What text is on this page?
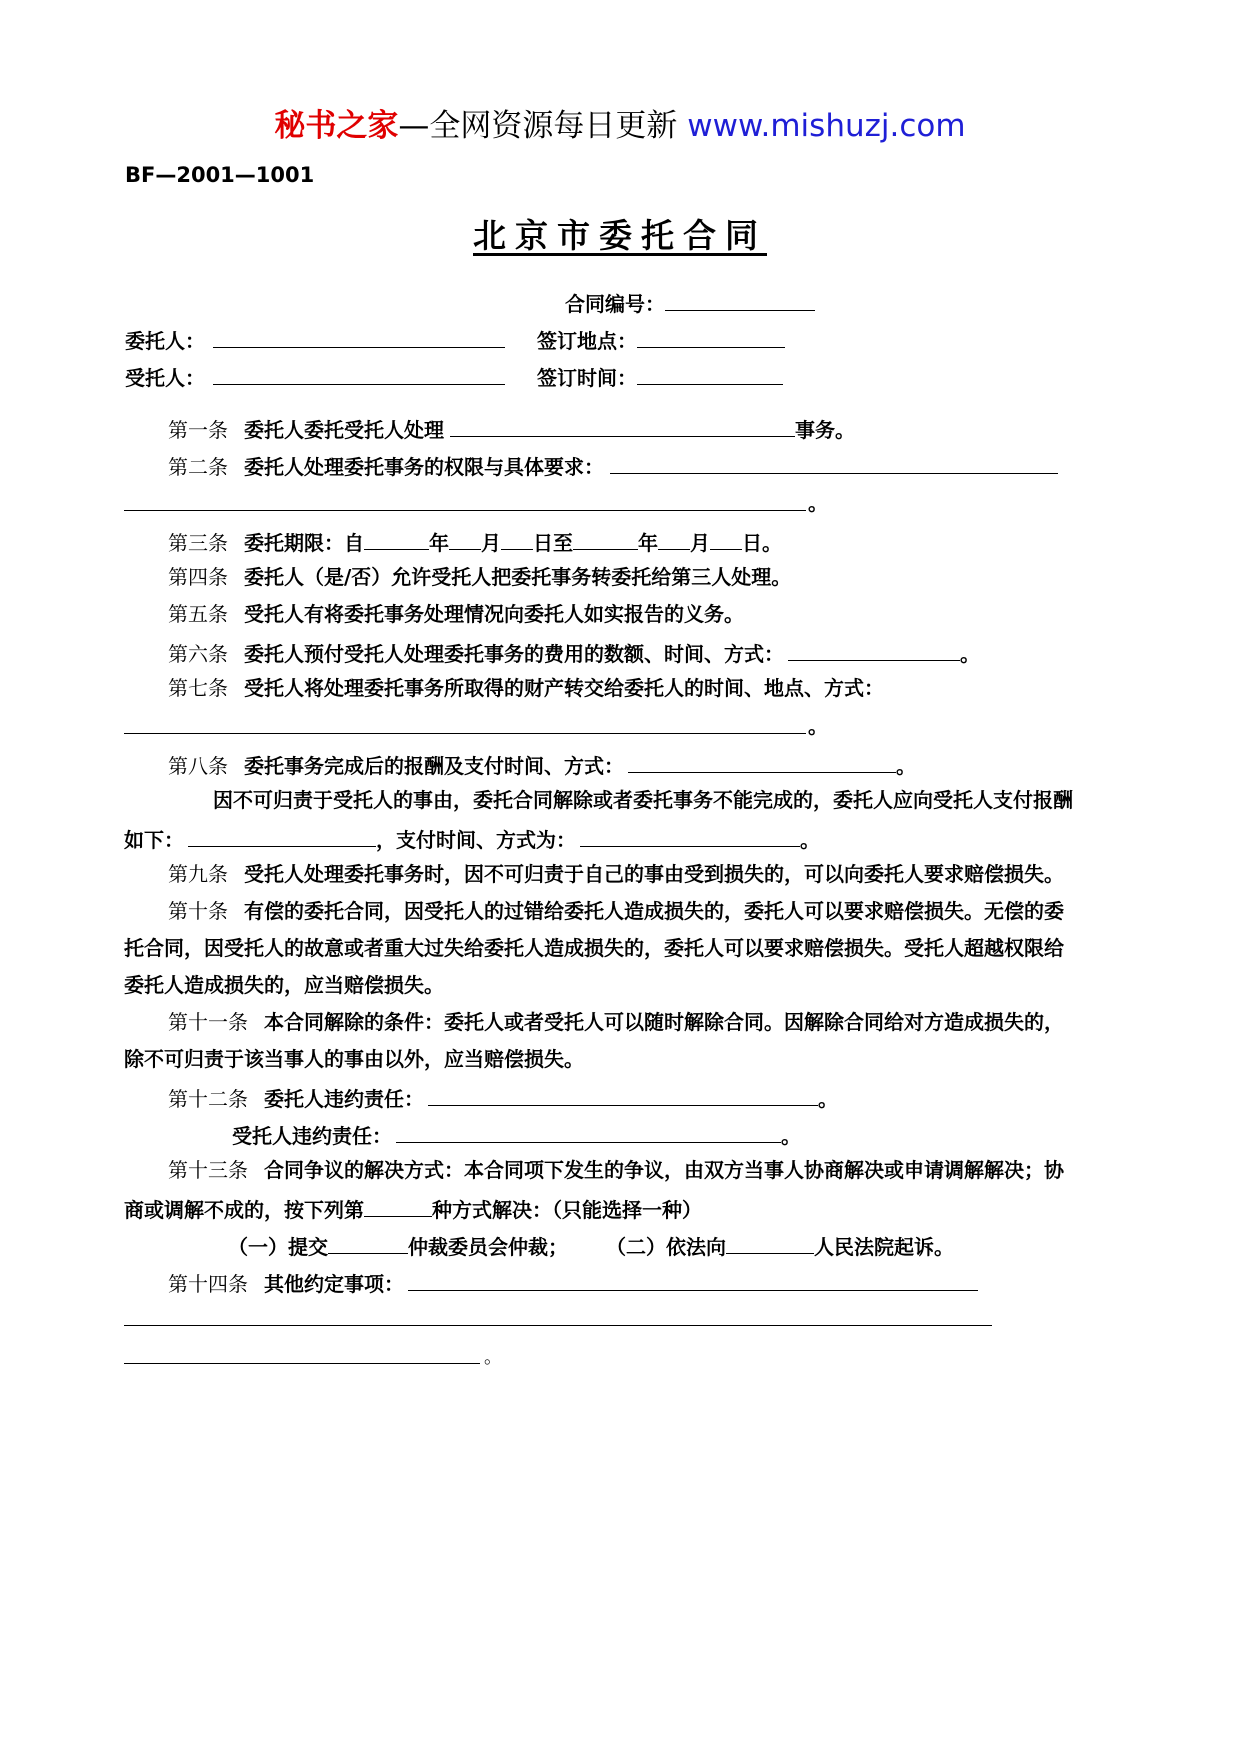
秘书之家—全网资源每日更新 www.mishuzj.com
BF—2001—1001
北京市委托合同
合同编号：
委托人：	签订地点：
受托人：	签订时间：
第一条 委托人委托受托人处理	事务。
第二条 委托人处理委托事务的权限与具体要求：
。
第三条 委托期限：自	年 月 日至	年 月 日。
第四条 委托人（是/否）允许受托人把委托事务转委托给第三人处理。
第五条 受托人有将委托事务处理情况向委托人如实报告的义务。
第六条 委托人预付受托人处理委托事务的费用的数额、时间、方式：	。
第七条 受托人将处理委托事务所取得的财产转交给委托人的时间、地点、方式：
。
第八条 委托事务完成后的报酬及支付时间、方式：	。
因不可归责于受托人的事由，委托合同解除或者委托事务不能完成的，委托人应向受托人支付报酬
如下：	，支付时间、方式为：	。
第九条 受托人处理委托事务时，因不可归责于自己的事由受到损失的，可以向委托人要求赔偿损失。
第十条 有偿的委托合同，因受托人的过错给委托人造成损失的，委托人可以要求赔偿损失。无偿的委
托合同，因受托人的故意或者重大过失给委托人造成损失的，委托人可以要求赔偿损失。受托人超越权限给
委托人造成损失的，应当赔偿损失。
第十一条 本合同解除的条件：委托人或者受托人可以随时解除合同。因解除合同给对方造成损失的，
除不可归责于该当事人的事由以外，应当赔偿损失。
第十二条 委托人违约责任：	。
受托人违约责任：	。
第十三条 合同争议的解决方式：本合同项下发生的争议，由双方当事人协商解决或申请调解解决；协
商或调解不成的，按下列第	种方式解决：（只能选择一种）
（一）提交	仲裁委员会仲裁； （二）依法向	人民法院起诉。
第十四条 其他约定事项：
。
